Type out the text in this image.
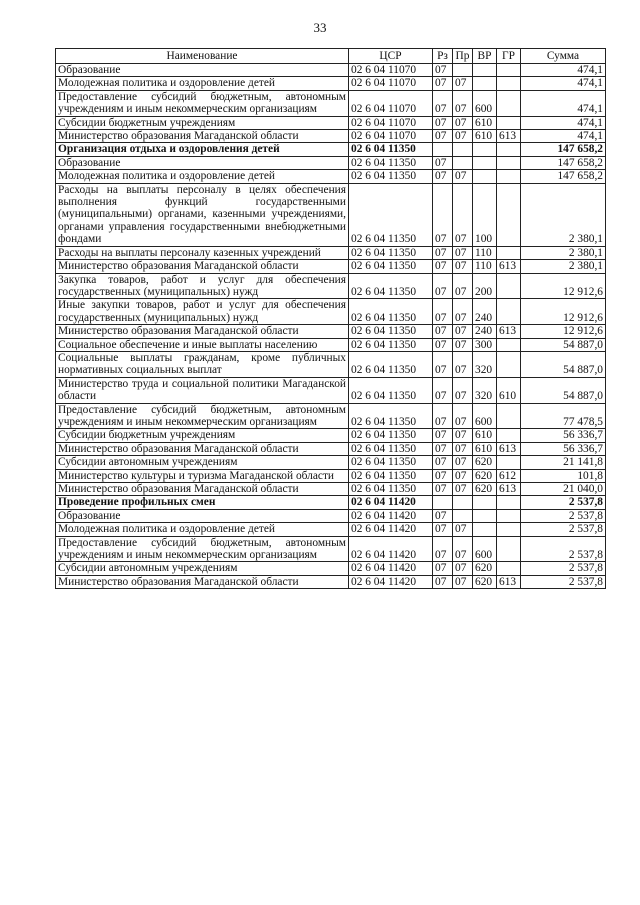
33
Наименование	ЦСР	Рз	Пр	ВР	ГР	Сумма
Образование	02 6 04 11070	07				474,1
Молодежная политика и оздоровление детей	02 6 04 11070	07	07			474,1
Предоставление субсидий бюджетным, автономным учреждениям и иным некоммерческим организациям	02 6 04 11070	07	07	600		474,1
Субсидии бюджетным учреждениям	02 6 04 11070	07	07	610		474,1
Министерство образования Магаданской области	02 6 04 11070	07	07	610	613	474,1
Организация отдыха и оздоровления детей	02 6 04 11350					147 658,2
Образование	02 6 04 11350	07				147 658,2
Молодежная политика и оздоровление детей	02 6 04 11350	07	07			147 658,2
Расходы на выплаты персоналу в целях обеспечения выполнения функций государственными (муниципальными) органами, казенными учреждениями, органами управления государственными внебюджетными фондами	02 6 04 11350	07	07	100		2 380,1
Расходы на выплаты персоналу казенных учреждений	02 6 04 11350	07	07	110		2 380,1
Министерство образования Магаданской области	02 6 04 11350	07	07	110	613	2 380,1
Закупка товаров, работ и услуг для обеспечения государственных (муниципальных) нужд	02 6 04 11350	07	07	200		12 912,6
Иные закупки товаров, работ и услуг для обеспечения государственных (муниципальных) нужд	02 6 04 11350	07	07	240		12 912,6
Министерство образования Магаданской области	02 6 04 11350	07	07	240	613	12 912,6
Социальное обеспечение и иные выплаты населению	02 6 04 11350	07	07	300		54 887,0
Социальные выплаты гражданам, кроме публичных нормативных социальных выплат	02 6 04 11350	07	07	320		54 887,0
Министерство труда и социальной политики Магаданской области	02 6 04 11350	07	07	320	610	54 887,0
Предоставление субсидий бюджетным, автономным учреждениям и иным некоммерческим организациям	02 6 04 11350	07	07	600		77 478,5
Субсидии бюджетным учреждениям	02 6 04 11350	07	07	610		56 336,7
Министерство образования Магаданской области	02 6 04 11350	07	07	610	613	56 336,7
Субсидии автономным учреждениям	02 6 04 11350	07	07	620		21 141,8
Министерство культуры и туризма Магаданской области	02 6 04 11350	07	07	620	612	101,8
Министерство образования Магаданской области	02 6 04 11350	07	07	620	613	21 040,0
Проведение профильных смен	02 6 04 11420					2 537,8
Образование	02 6 04 11420	07				2 537,8
Молодежная политика и оздоровление детей	02 6 04 11420	07	07			2 537,8
Предоставление субсидий бюджетным, автономным учреждениям и иным некоммерческим организациям	02 6 04 11420	07	07	600		2 537,8
Субсидии автономным учреждениям	02 6 04 11420	07	07	620		2 537,8
Министерство образования Магаданской области	02 6 04 11420	07	07	620	613	2 537,8
